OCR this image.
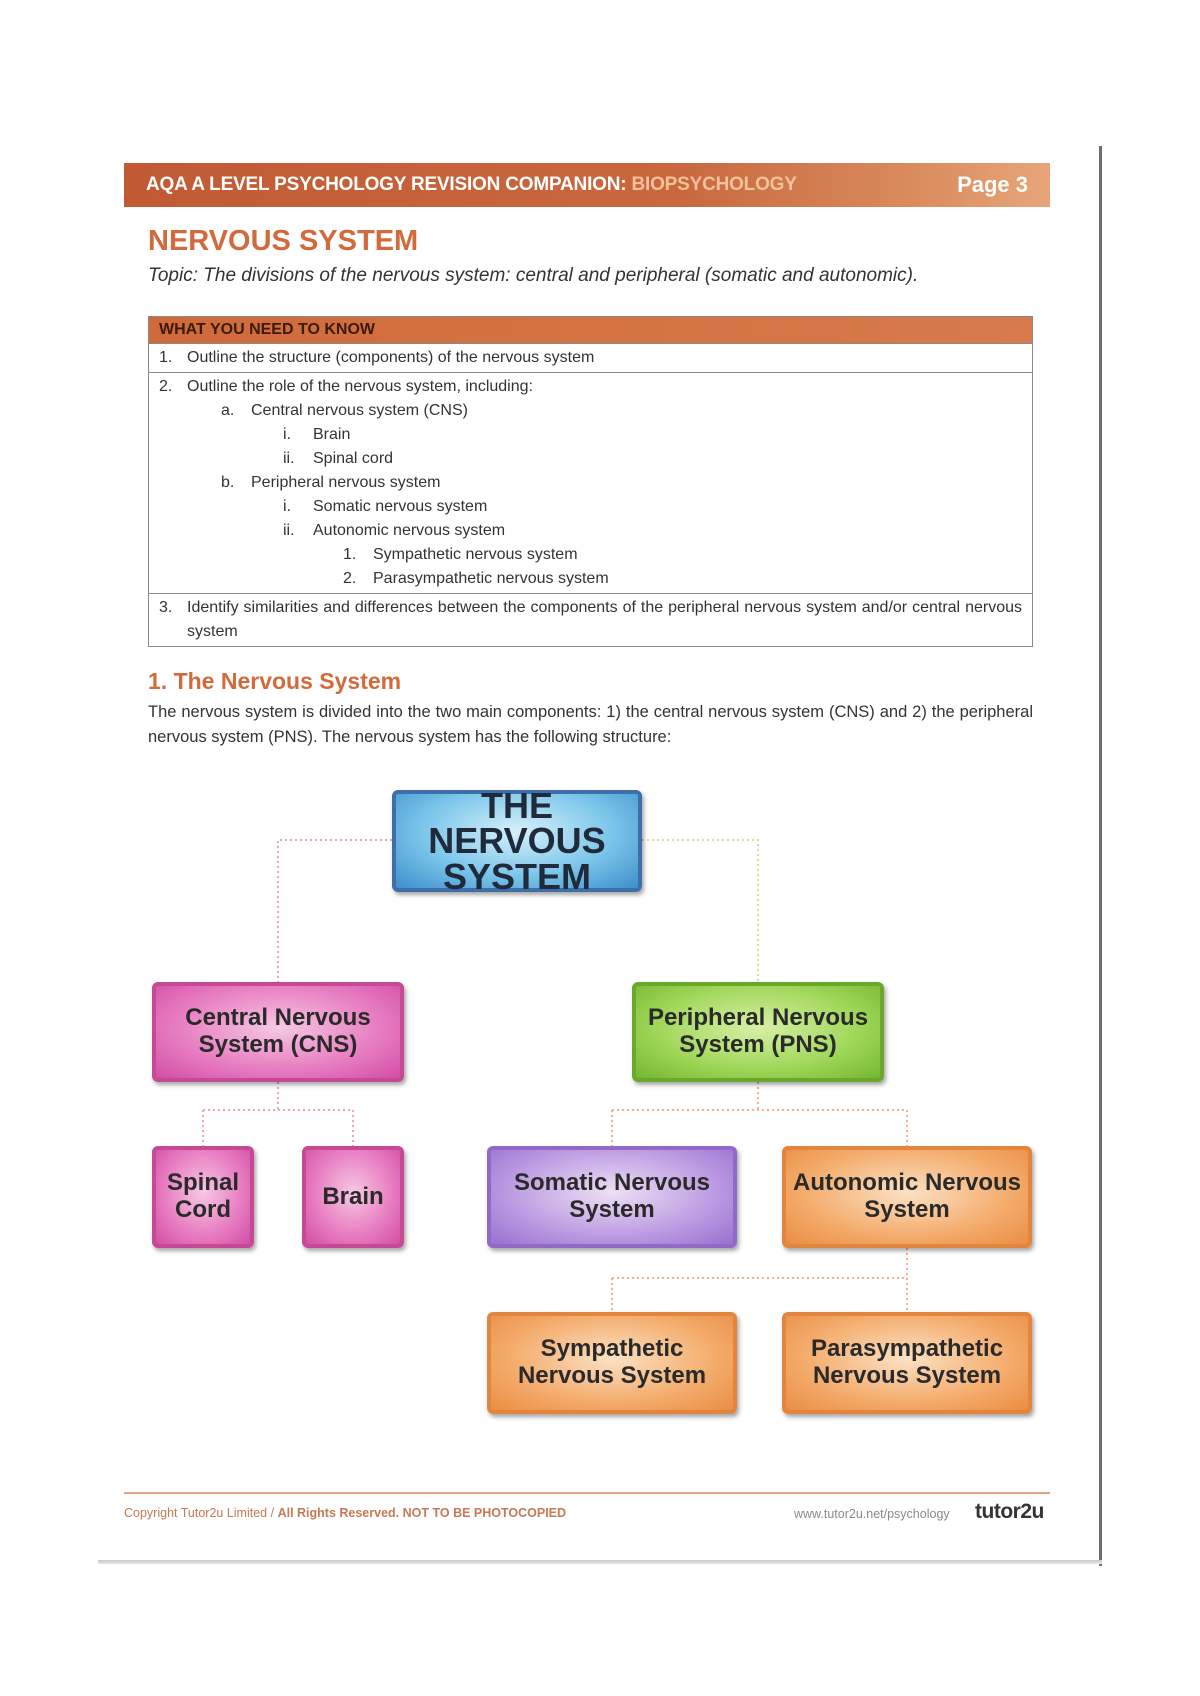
AQA A LEVEL PSYCHOLOGY REVISION COMPANION: BIOPSYCHOLOGY	Page 3
NERVOUS SYSTEM
Topic: The divisions of the nervous system: central and peripheral (somatic and autonomic).
WHAT YOU NEED TO KNOW
1. Outline the structure (components) of the nervous system
2. Outline the role of the nervous system, including:
a.	Central nervous system (CNS)
i.	Brain
ii.	Spinal cord
b.	Peripheral nervous system
i.	Somatic nervous system
ii.	Autonomic nervous system
1.	Sympathetic nervous system
2.	Parasympathetic nervous system
3. Identify similarities and differences between the components of the peripheral nervous system and/or central nervous system
1. The Nervous System
The nervous system is divided into the two main components: 1) the central nervous system (CNS) and 2) the peripheral nervous system (PNS). The nervous system has the following structure:
THE NERVOUS
SYSTEM
Central Nervous
System (CNS)
Peripheral Nervous
System (PNS)
Spinal
Cord	Brain	Somatic Nervous
System
Autonomic Nervous
System
Sympathetic
Nervous System
Parasympathetic
Nervous System
Copyright Tutor2u Limited / All Rights Reserved. NOT TO BE PHOTOCOPIED	www.tutor2u.net/psychology tutor2u
